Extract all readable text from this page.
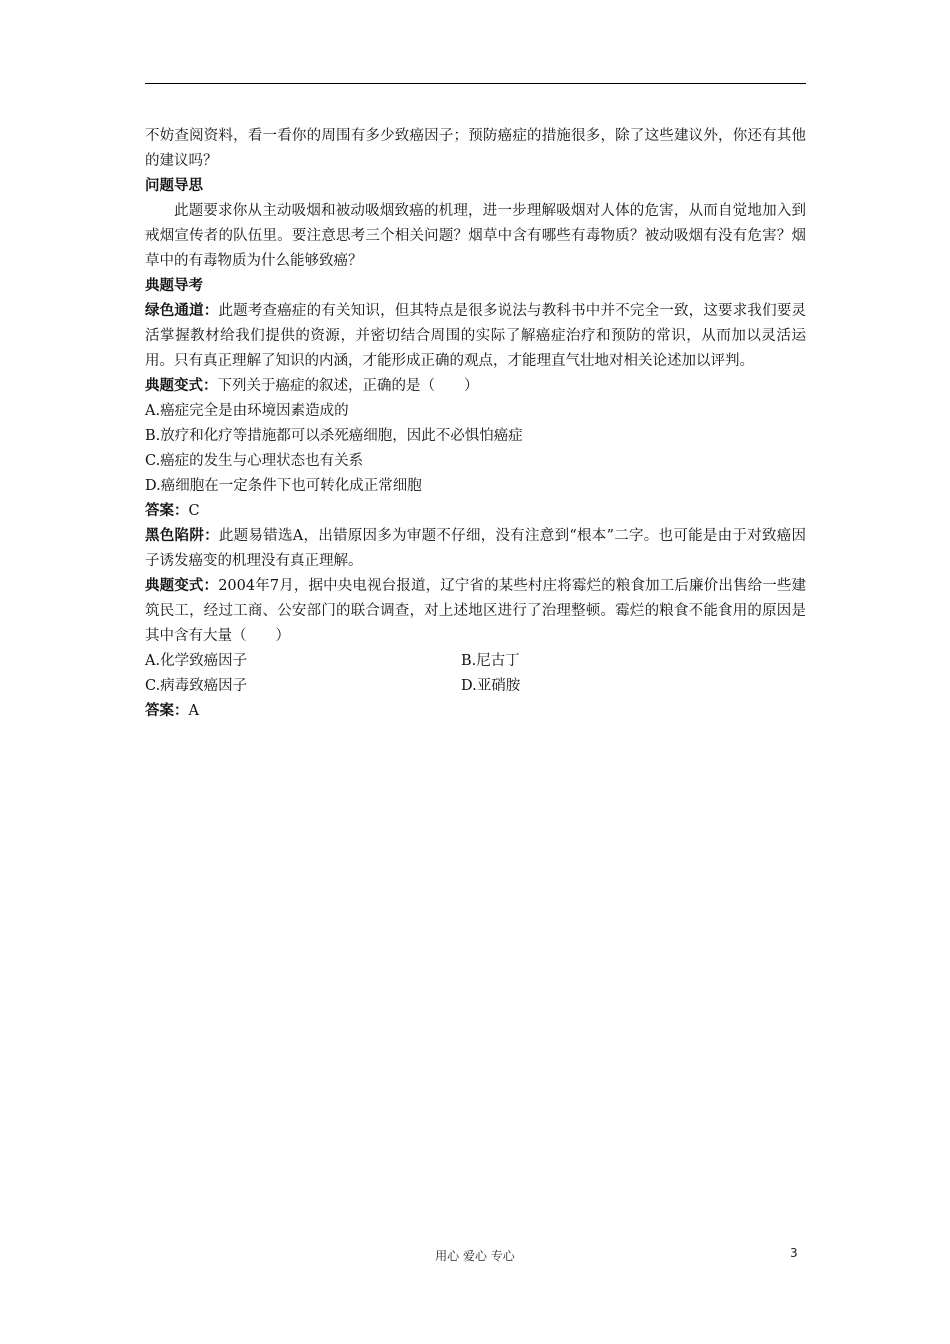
不妨查阅资料，看一看你的周围有多少致癌因子；预防癌症的措施很多，除了这些建议外，你还有其他的建议吗？

问题导思

此题要求你从主动吸烟和被动吸烟致癌的机理，进一步理解吸烟对人体的危害，从而自觉地加入到戒烟宣传者的队伍里。要注意思考三个相关问题？烟草中含有哪些有毒物质？被动吸烟有没有危害？烟草中的有毒物质为什么能够致癌？

典题导考

绿色通道：此题考查癌症的有关知识，但其特点是很多说法与教科书中并不完全一致，这要求我们要灵活掌握教材给我们提供的资源，并密切结合周围的实际了解癌症治疗和预防的常识，从而加以灵活运用。只有真正理解了知识的内涵，才能形成正确的观点，才能理直气壮地对相关论述加以评判。

典题变式：下列关于癌症的叙述，正确的是（　　）

A.癌症完全是由环境因素造成的

B.放疗和化疗等措施都可以杀死癌细胞，因此不必惧怕癌症

C.癌症的发生与心理状态也有关系

D.癌细胞在一定条件下也可转化成正常细胞

答案：C

黑色陷阱：此题易错选A，出错原因多为审题不仔细，没有注意到“根本”二字。也可能是由于对致癌因子诱发癌变的机理没有真正理解。

典题变式：2004年7月，据中央电视台报道，辽宁省的某些村庄将霉烂的粮食加工后廉价出售给一些建筑民工，经过工商、公安部门的联合调查，对上述地区进行了治理整顿。霉烂的粮食不能食用的原因是其中含有大量（　　）

A.化学致癌因子	B.尼古丁
C.病毒致癌因子	D.亚硝胺

答案：A

用心 爱心 专心	3
